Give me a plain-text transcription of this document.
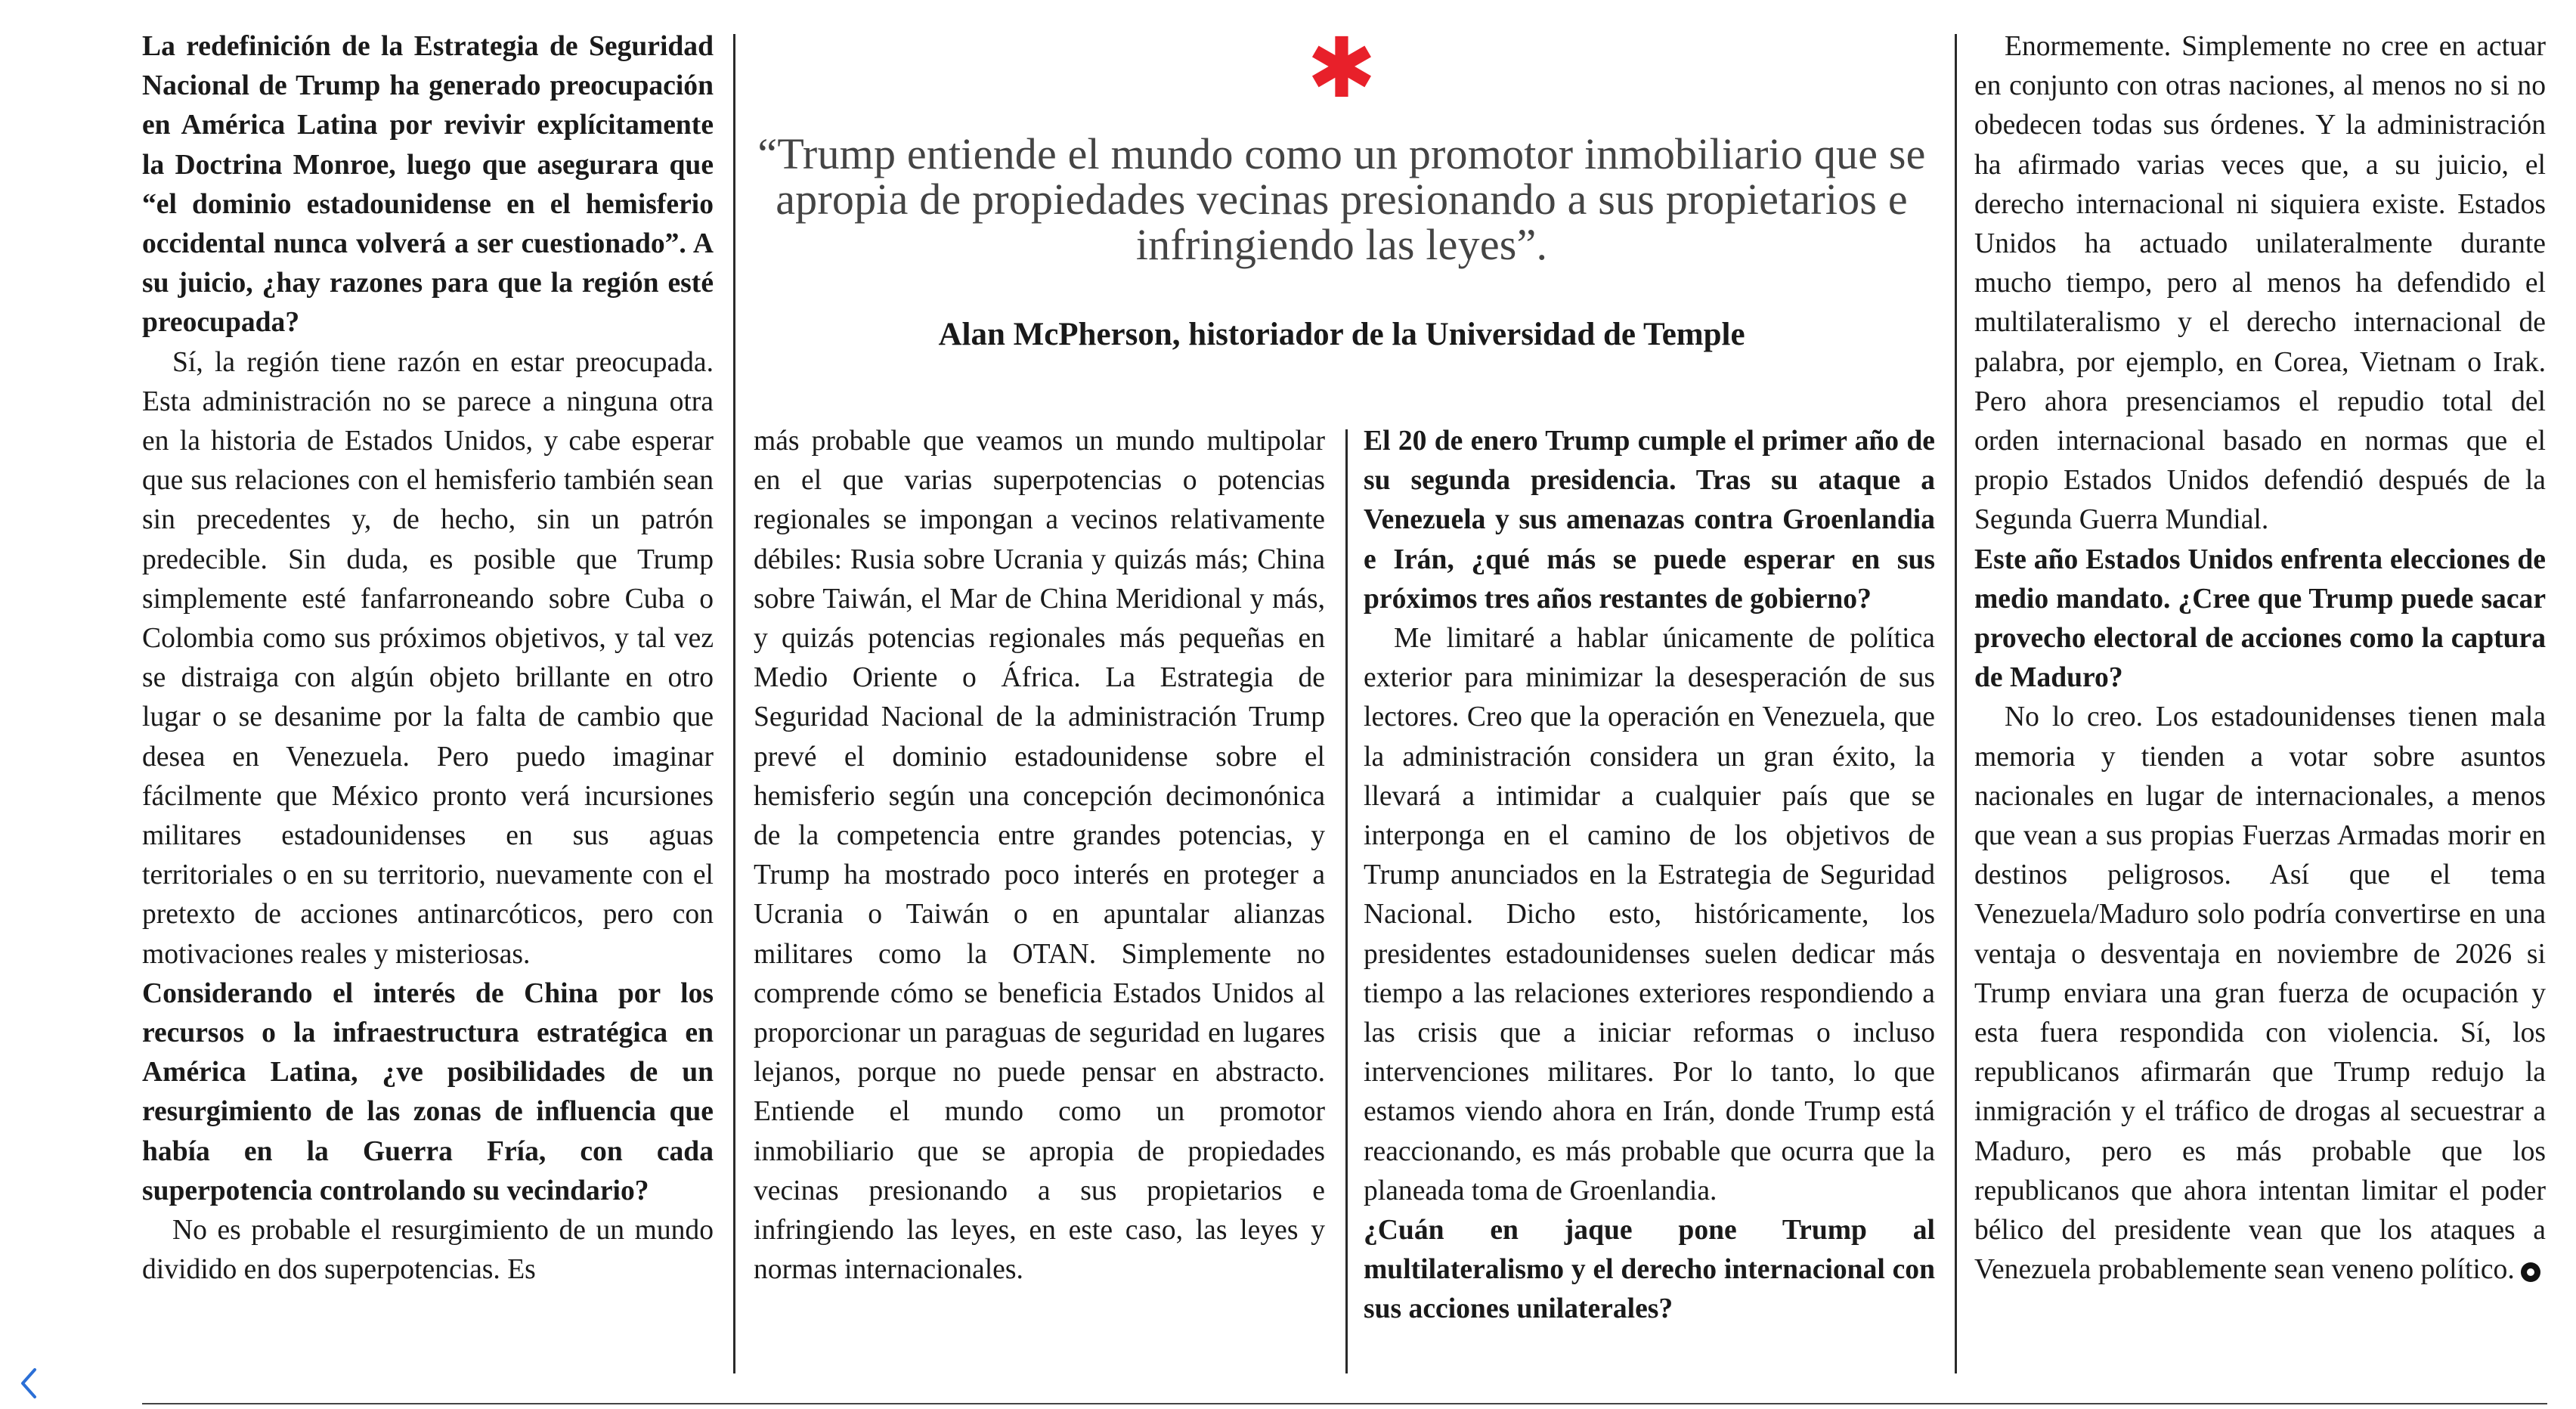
La redefinición de la Estrategia de Seguridad Nacional de Trump ha generado preocupación en América Latina por revivir explícitamente la Doctrina Monroe, luego que asegurara que “el dominio estadounidense en el hemisferio occidental nunca volverá a ser cuestionado”. A su juicio, ¿hay razones para que la región esté preocupada?

Sí, la región tiene razón en estar preocupada. Esta administración no se parece a ninguna otra en la historia de Estados Unidos, y cabe esperar que sus relaciones con el hemisferio también sean sin precedentes y, de hecho, sin un patrón predecible. Sin duda, es posible que Trump simplemente esté fanfarroneando sobre Cuba o Colombia como sus próximos objetivos, y tal vez se distraiga con algún objeto brillante en otro lugar o se desanime por la falta de cambio que desea en Venezuela. Pero puedo imaginar fácilmente que México pronto verá incursiones militares estadounidenses en sus aguas territoriales o en su territorio, nuevamente con el pretexto de acciones antinarcóticos, pero con motivaciones reales y misteriosas.

Considerando el interés de China por los recursos o la infraestructura estratégica en América Latina, ¿ve posibilidades de un resurgimiento de las zonas de influencia que había en la Guerra Fría, con cada superpotencia controlando su vecindario?

No es probable el resurgimiento de un mundo dividido en dos superpotencias. Es

✱
“Trump entiende el mundo como un promotor inmobiliario que se apropia de propiedades vecinas presionando a sus propietarios e infringiendo las leyes”.
Alan McPherson, historiador de la Universidad de Temple

más probable que veamos un mundo multipolar en el que varias superpotencias o potencias regionales se impongan a vecinos relativamente débiles: Rusia sobre Ucrania y quizás más; China sobre Taiwán, el Mar de China Meridional y más, y quizás potencias regionales más pequeñas en Medio Oriente o África. La Estrategia de Seguridad Nacional de la administración Trump prevé el dominio estadounidense sobre el hemisferio según una concepción decimonónica de la competencia entre grandes potencias, y Trump ha mostrado poco interés en proteger a Ucrania o Taiwán o en apuntalar alianzas militares como la OTAN. Simplemente no comprende cómo se beneficia Estados Unidos al proporcionar un paraguas de seguridad en lugares lejanos, porque no puede pensar en abstracto. Entiende el mundo como un promotor inmobiliario que se apropia de propiedades vecinas presionando a sus propietarios e infringiendo las leyes, en este caso, las leyes y normas internacionales.

El 20 de enero Trump cumple el primer año de su segunda presidencia. Tras su ataque a Venezuela y sus amenazas contra Groenlandia e Irán, ¿qué más se puede esperar en sus próximos tres años restantes de gobierno?

Me limitaré a hablar únicamente de política exterior para minimizar la desesperación de sus lectores. Creo que la operación en Venezuela, que la administración considera un gran éxito, la llevará a intimidar a cualquier país que se interponga en el camino de los objetivos de Trump anunciados en la Estrategia de Seguridad Nacional. Dicho esto, históricamente, los presidentes estadounidenses suelen dedicar más tiempo a las relaciones exteriores respondiendo a las crisis que a iniciar reformas o incluso intervenciones militares. Por lo tanto, lo que estamos viendo ahora en Irán, donde Trump está reaccionando, es más probable que ocurra que la planeada toma de Groenlandia.

¿Cuán en jaque pone Trump al multilateralismo y el derecho internacional con sus acciones unilaterales?

Enormemente. Simplemente no cree en actuar en conjunto con otras naciones, al menos no si no obedecen todas sus órdenes. Y la administración ha afirmado varias veces que, a su juicio, el derecho internacional ni siquiera existe. Estados Unidos ha actuado unilateralmente durante mucho tiempo, pero al menos ha defendido el multilateralismo y el derecho internacional de palabra, por ejemplo, en Corea, Vietnam o Irak. Pero ahora presenciamos el repudio total del orden internacional basado en normas que el propio Estados Unidos defendió después de la Segunda Guerra Mundial.

Este año Estados Unidos enfrenta elecciones de medio mandato. ¿Cree que Trump puede sacar provecho electoral de acciones como la captura de Maduro?

No lo creo. Los estadounidenses tienen mala memoria y tienden a votar sobre asuntos nacionales en lugar de internacionales, a menos que vean a sus propias Fuerzas Armadas morir en destinos peligrosos. Así que el tema Venezuela/Maduro solo podría convertirse en una ventaja o desventaja en noviembre de 2026 si Trump enviara una gran fuerza de ocupación y esta fuera respondida con violencia. Sí, los republicanos afirmarán que Trump redujo la inmigración y el tráfico de drogas al secuestrar a Maduro, pero es más probable que los republicanos que ahora intentan limitar el poder bélico del presidente vean que los ataques a Venezuela probablemente sean veneno político.
